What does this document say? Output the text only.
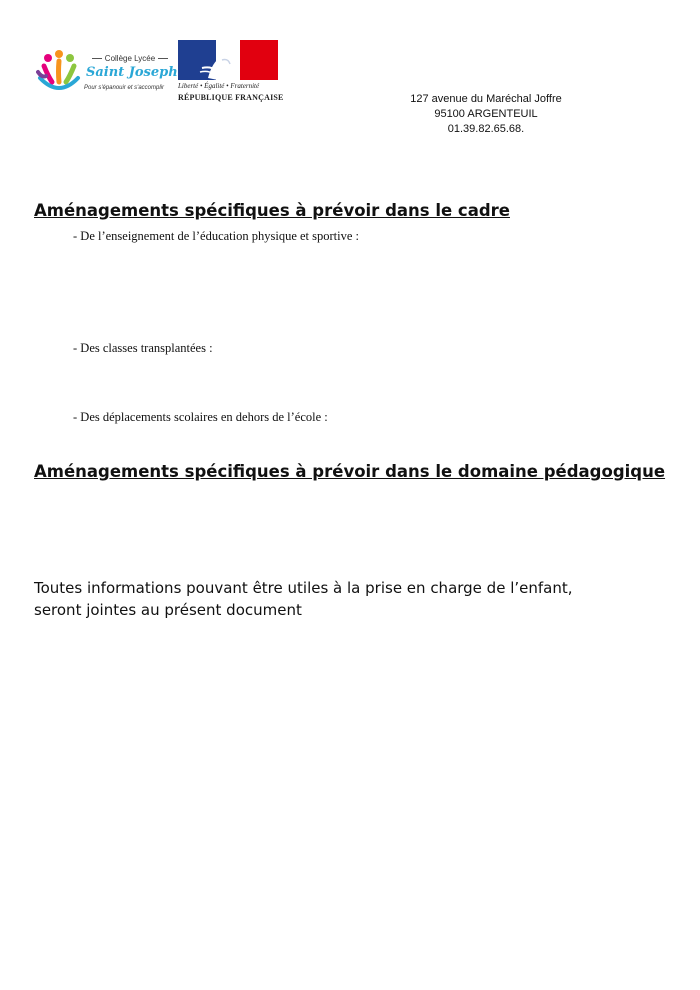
Collège Lycée
Saint Joseph
Pour s'épanouir et s'accomplir	Liberté • Égalité • Fraternité
RÉPUBLIQUE FRANÇAISE	127 avenue du Maréchal Joffre
95100 ARGENTEUIL
01.39.82.65.68.
Aménagements spécifiques à prévoir dans le cadre
- De l’enseignement de l’éducation physique et sportive :
- Des classes transplantées :
- Des déplacements scolaires en dehors de l’école :
Aménagements spécifiques à prévoir dans le domaine pédagogique
Toutes informations pouvant être utiles à la prise en charge de l’enfant,
seront jointes au présent document
